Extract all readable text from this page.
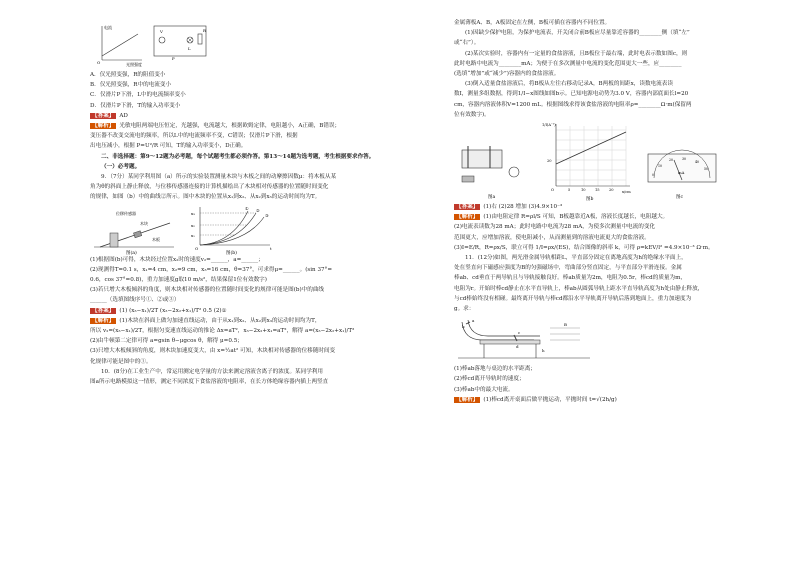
电流
光照强度
O
V	R
L
P

A．仅光照变强，R的阻值变小

B．仅光照变强，R中的电流变小

C．仅滑片P下滑，L中的电流频率变小

D．仅滑片P下滑，T的输入功率变小

【答案】 AD

【解析】 光敏电阻两端电压恒定，光越强，电流越大，根据欧姆定律，电阻越小，A正确，B错误；

变压器不改变交流电的频率，所以L中的电流频率不变，C错误；仅滑片P下滑，根据

出电压减小，根据 P=U²/R 可知，T的输入功率变小，D正确。

二、非选择题：第9～12题为必考题，每个试题考生都必须作答。第13～14题为选考题，考生根据要求作答。

（一）必考题。

9．（7分）某同学利用图（a）所示的实验装置测量木块与木板之间的动摩擦因数μ：将木板从某

角为θ的斜面上静止释放，与位移传感器连接的计算机描绘出了木块相对传感器的位置随时间变化

的规律，如图（b）中的曲线②所示。图中木块的位置从x₁到x₂、从x₂到x₃的运动时间均为T。

位移传感器
木块
木板
图(a)
x₃
x₂
x₁
O	t
① ②
③
图(b)

(1)根据图(b)可得，木块经过位置x₂时的速度v₂=______，a=______；

(2)现测得T=0.1 s，x₁=4 cm，x₂=9 cm，x₃=16 cm，θ=37°，可求得μ=______。(sin 37°=

0.6，cos 37°=0.8)，重力加速度g取10 m/s²，结果保留1位有效数字)

(3)若只增大木板倾斜的角度，则木块相对传感器的位置随时间变化的规律可能是图(b)中的曲线

______（选填图线序号①、②或③）

【答案】 (1) (x₃−x₁)/2T (x₃−2x₂+x₁)/T² 0.5 (2)①

【解析】 (1)木块在斜面上做匀加速直线运动，由于从x₁到x₂、从x₂到x₃的运动时间均为T，

所以 v₂=(x₃−x₁)/2T，根据匀变速直线运动的推论 Δx=aT²，x₃−2x₂+x₁=aT²，解得 a=(x₃−2x₂+x₁)/T²

(2)由牛顿第二定律可得 a=gsin θ−μgcos θ，解得 μ=0.5；

(3)只增大木板倾斜的角度，则木块加速度变大，由 x=½at² 可知，木块相对传感器的位移随时间变

化规律可能是图中的①。

10．(8分)在工业生产中，常运用测定电学量的方法来测定溶液含离子的浓度。某同学利用

图a所示电路模拟这一情形，测定不同浓度下食盐溶液的电阻率，在长方体绝缘容器内插上两竖直

金属薄板A、B，A板固定在左侧，B板可插在容器内不同位置。

(1)因缺少保护电阻，为保护电流表，开关闭合前B板应尽量靠近容器的________侧（填“左”

或“右”）。

(2)某次实验时，容器内有一定量的食盐溶液，且B板位于最右端，此时电表示数如图c，则

此时电路中电流为________mA；为便于在多次测量中电流的变化范围更大一些，应________

(选填“增加”或“减少”)容器内的食盐溶液。

(3)倒入适量食盐溶液后，将B板从左往右移动记录A，B两板的间距x，读数电流表读

数I，测量多组数据，得到1/I−x图线如图b示。已知电源电动势为3.0 V，容器内部底面长l=20

cm，容器内溶液体积V=1200 mL。根据图线求得该食盐溶液的电阻率ρ=________Ω·m(保留两

位有效数字)。

图a
1/I(A⁻¹)
x/cm
O
20
5	10	15	20
图b
mA
0
10
20	30
40
50
图c

【答案】 (1)右 (2)28 增加 (3)4.9×10⁻³

【解析】 (1)由电阻定律 R=ρl/S 可知，B板越靠近A板，溶液长度越长，电阻越大。

(2)电流表读数为28 mA；此时电路中电流为28 mA，为使多次测量中电流的变化

范围更大，应增加溶液，使电阻减小，从而测量到的溶液电流更大的食盐溶液。

(3)I=E/R，R=ρx/S，联立可得 1/I=ρx/(ES)，结合图像的斜率 k，可得 ρ=kEV/l² =4.9×10⁻³ Ω·m。

11．(12分)如图，两光滑金属导轨相距L，平直部分固定在离地高度为h的绝缘水平面上，

处在竖直向下磁感应强度为B的匀强磁场中，弯曲部分竖直固定，与平直部分平滑连接。金属

棒ab、cd垂直于两导轨且与导轨接触良好。棒ab质量为2m，电阻为0.5r，棒cd的质量为m，

电阻为r。开始时棒cd静止在水平直导轨上，棒ab从圆弧导轨上距水平直导轨高度为h处由静止释放，

与cd棒始终没有相碰。最终离开导轨与棒cd都沿水平导轨离开导轨后落到地面上，重力加速度为

g。求：

a
b
c
d
h
B

(1)棒ab落地与桌边的水平距离；

(2)棒cd离开导轨时的速度；

(3)棒ab中的最大电流。

【解析】 (1)棒cd离开桌面后做平抛运动，平抛时间 t=√(2h/g)
